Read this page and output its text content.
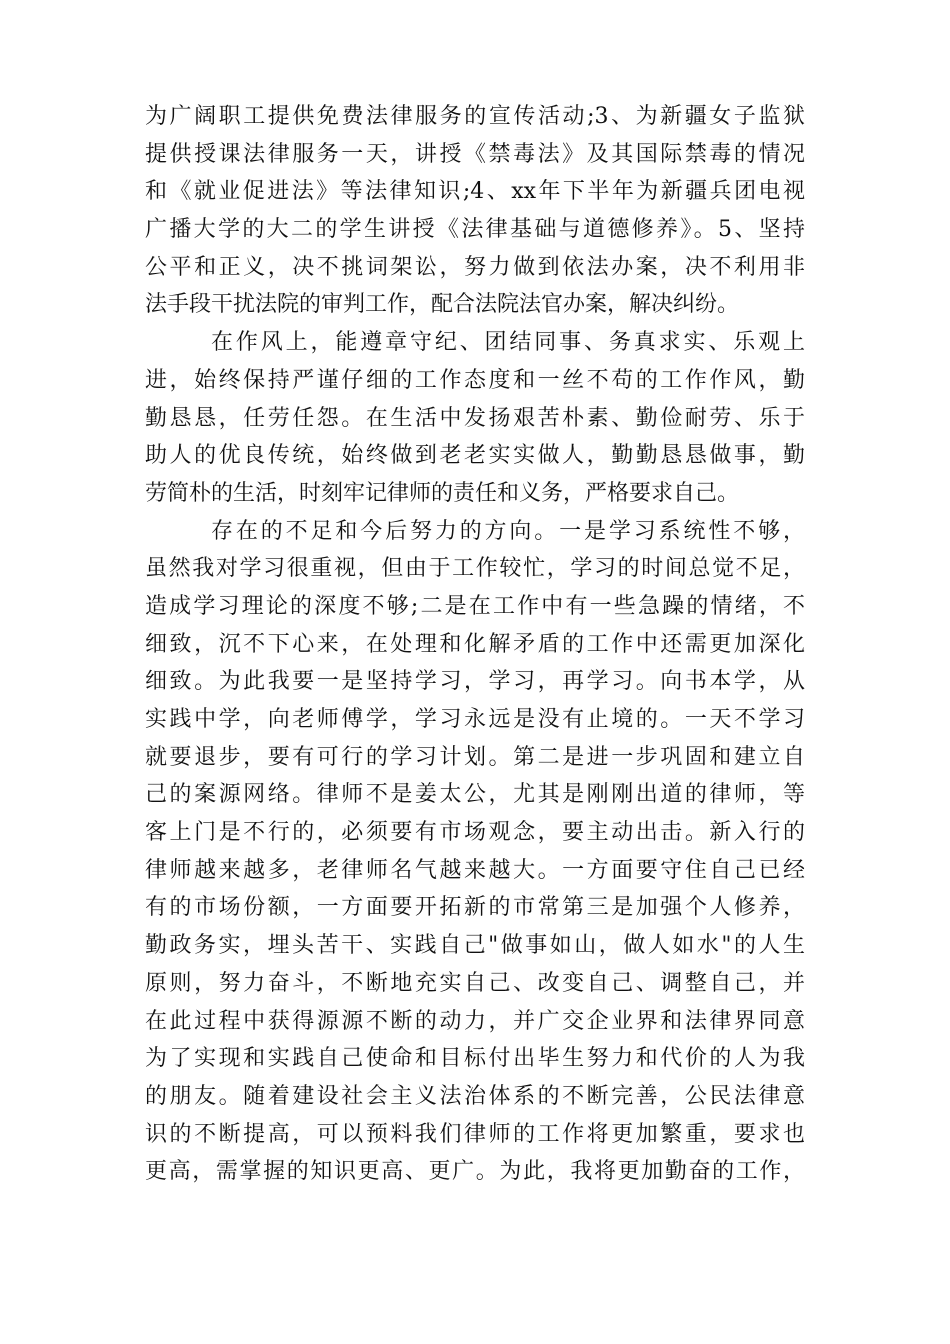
为广阔职工提供免费法律服务的宣传活动;3、为新疆女子监狱
提供授课法律服务一天，讲授《禁毒法》及其国际禁毒的情况
和《就业促进法》等法律知识;4、xx年下半年为新疆兵团电视
广播大学的大二的学生讲授《法律基础与道德修养》。5、坚持
公平和正义，决不挑词架讼，努力做到依法办案，决不利用非
法手段干扰法院的审判工作，配合法院法官办案，解决纠纷。
在作风上，能遵章守纪、团结同事、务真求实、乐观上
进，始终保持严谨仔细的工作态度和一丝不苟的工作作风，勤
勤恳恳，任劳任怨。在生活中发扬艰苦朴素、勤俭耐劳、乐于
助人的优良传统，始终做到老老实实做人，勤勤恳恳做事，勤
劳简朴的生活，时刻牢记律师的责任和义务，严格要求自己。
存在的不足和今后努力的方向。一是学习系统性不够，
虽然我对学习很重视，但由于工作较忙，学习的时间总觉不足，
造成学习理论的深度不够;二是在工作中有一些急躁的情绪，不
细致，沉不下心来，在处理和化解矛盾的工作中还需更加深化
细致。为此我要一是坚持学习，学习，再学习。向书本学，从
实践中学，向老师傅学，学习永远是没有止境的。一天不学习
就要退步，要有可行的学习计划。第二是进一步巩固和建立自
己的案源网络。律师不是姜太公，尤其是刚刚出道的律师，等
客上门是不行的，必须要有市场观念，要主动出击。新入行的
律师越来越多，老律师名气越来越大。一方面要守住自己已经
有的市场份额，一方面要开拓新的市常第三是加强个人修养，
勤政务实，埋头苦干、实践自己"做事如山，做人如水"的人生
原则，努力奋斗，不断地充实自己、改变自己、调整自己，并
在此过程中获得源源不断的动力，并广交企业界和法律界同意
为了实现和实践自己使命和目标付出毕生努力和代价的人为我
的朋友。随着建设社会主义法治体系的不断完善，公民法律意
识的不断提高，可以预料我们律师的工作将更加繁重，要求也
更高，需掌握的知识更高、更广。为此，我将更加勤奋的工作，
